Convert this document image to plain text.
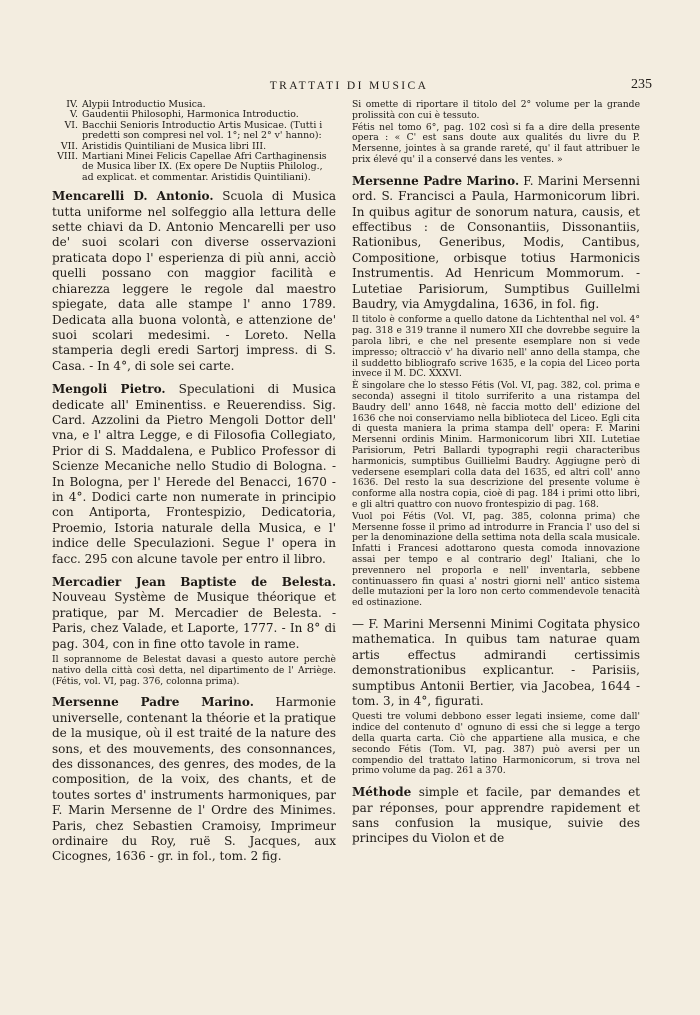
TRATTATI DI MUSICA	235
IV. Alypii Introductio Musica.
V. Gaudentii Philosophi, Harmonica Introductio.
VI. Bacchii Senioris Introductio Artis Musicae. (Tutti i predetti son compresi nel vol. 1°; nel 2° v' hanno):
VII. Aristidis Quintiliani de Musica libri III.
VIII. Martiani Minei Felicis Capellae Afri Carthaginensis de Musica liber IX. (Ex opere De Nuptiis Philolog., ad explicat. et commentar. Aristidis Quintiliani).

Mencarelli D. Antonio. Scuola di Musica tutta uniforme nel solfeggio alla lettura delle sette chiavi da D. Antonio Mencarelli per uso de' suoi scolari con diverse osservazioni praticata dopo l' esperienza di più anni, acciò quelli possano con maggior facilità e chiarezza leggere le regole dal maestro spiegate, data alle stampe l' anno 1789. Dedicata alla buona volontà, e attenzione de' suoi scolari medesimi. - Loreto. Nella stamperia degli eredi Sartorj impress. di S. Casa. - In 4°, di sole sei carte.

Mengoli Pietro. Speculationi di Musica dedicate all' Eminentiss. e Reuerendiss. Sig. Card. Azzolini da Pietro Mengoli Dottor dell' vna, e l' altra Legge, e di Filosofia Collegiato, Prior di S. Maddalena, e Publico Professor di Scienze Mecaniche nello Studio di Bologna. - In Bologna, per l' Herede del Benacci, 1670 - in 4°. Dodici carte non numerate in principio con Antiporta, Frontespizio, Dedicatoria, Proemio, Istoria naturale della Musica, e l' indice delle Speculazioni. Segue l' opera in facc. 295 con alcune tavole per entro il libro.

Mercadier Jean Baptiste de Belesta. Nouveau Système de Musique théorique et pratique, par M. Mercadier de Belesta. - Paris, chez Valade, et Laporte, 1777. - In 8° di pag. 304, con in fine otto tavole in rame.

Il soprannome de Belestat davasi a questo autore perchè nativo della città così detta, nel dipartimento de l' Arriège. (Fétis, vol. VI, pag. 376, colonna prima).

Mersenne Padre Marino. Harmonie universelle, contenant la théorie et la pratique de la musique, où il est traité de la nature des sons, et des mouvements, des consonnances, des dissonances, des genres, des modes, de la composition, de la voix, des chants, et de toutes sortes d' instruments harmoniques, par F. Marin Mersenne de l' Ordre des Minimes. Paris, chez Sebastien Cramoisy, Imprimeur ordinaire du Roy, ruë S. Jacques, aux Cicognes, 1636 - gr. in fol., tom. 2 fig.

Si omette di riportare il titolo del 2° volume per la grande prolissità con cui è tessuto.

Fétis nel tomo 6°, pag. 102 così si fa a dire della presente opera : « C' est sans doute aux qualités du livre du P. Mersenne, jointes à sa grande rareté, qu' il faut attribuer le prix élevé qu' il a conservé dans les ventes. »

Mersenne Padre Marino. F. Marini Mersenni ord. S. Francisci a Paula, Harmonicorum libri. In quibus agitur de sonorum natura, causis, et effectibus : de Consonantiis, Dissonantiis, Rationibus, Generibus, Modis, Cantibus, Compositione, orbisque totius Harmonicis Instrumentis. Ad Henricum Mommorum. - Lutetiae Parisiorum, Sumptibus Guillelmi Baudry, via Amygdalina, 1636, in fol. fig.

Il titolo è conforme a quello datone da Lichtenthal nel vol. 4° pag. 318 e 319 tranne il numero XII che dovrebbe seguire la parola libri, e che nel presente esemplare non si vede impresso; oltracciò v' ha divario nell' anno della stampa, che il suddetto bibliografo scrive 1635, e la copia del Liceo porta invece il M. DC. XXXVI.

È singolare che lo stesso Fétis (Vol. VI, pag. 382, col. prima e seconda) assegni il titolo surriferito a una ristampa del Baudry dell' anno 1648, nè faccia motto dell' edizione del 1636 che noi conserviamo nella biblioteca del Liceo. Egli cita di questa maniera la prima stampa dell' opera: F. Marini Mersenni ordinis Minim. Harmonicorum libri XII. Lutetiae Parisiorum, Petri Ballardi typographi regii characteribus harmonicis, sumptibus Guillielmi Baudry. Aggiugne però di vedersene esemplari colla data del 1635, ed altri coll' anno 1636. Del resto la sua descrizione del presente volume è conforme alla nostra copia, cioè di pag. 184 i primi otto libri, e gli altri quattro con nuovo frontespizio di pag. 168.

Vuol poi Fétis (Vol. VI, pag. 385, colonna prima) che Mersenne fosse il primo ad introdurre in Francia l' uso del si per la denominazione della settima nota della scala musicale. Infatti i Francesi adottarono questa comoda innovazione assai per tempo e al contrario degl' Italiani, che lo prevennero nel proporla e nell' inventarla, sebbene continuassero fin quasi a' nostri giorni nell' antico sistema delle mutazioni per la loro non certo commendevole tenacità ed ostinazione.

— F. Marini Mersenni Minimi Cogitata physico mathematica. In quibus tam naturae quam artis effectus admirandi certissimis demonstrationibus explicantur. - Parisiis, sumptibus Antonii Bertier, via Jacobea, 1644 - tom. 3, in 4°, figurati.

Questi tre volumi debbono esser legati insieme, come dall' indice del contenuto d' ognuno di essi che si legge a tergo della quarta carta. Ciò che appartiene alla musica, e che secondo Fétis (Tom. VI, pag. 387) può aversi per un compendio del trattato latino Harmonicorum, si trova nel primo volume da pag. 261 a 370.

Méthode simple et facile, par demandes et par réponses, pour apprendre rapidement et sans confusion la musique, suivie des principes du Violon et de
